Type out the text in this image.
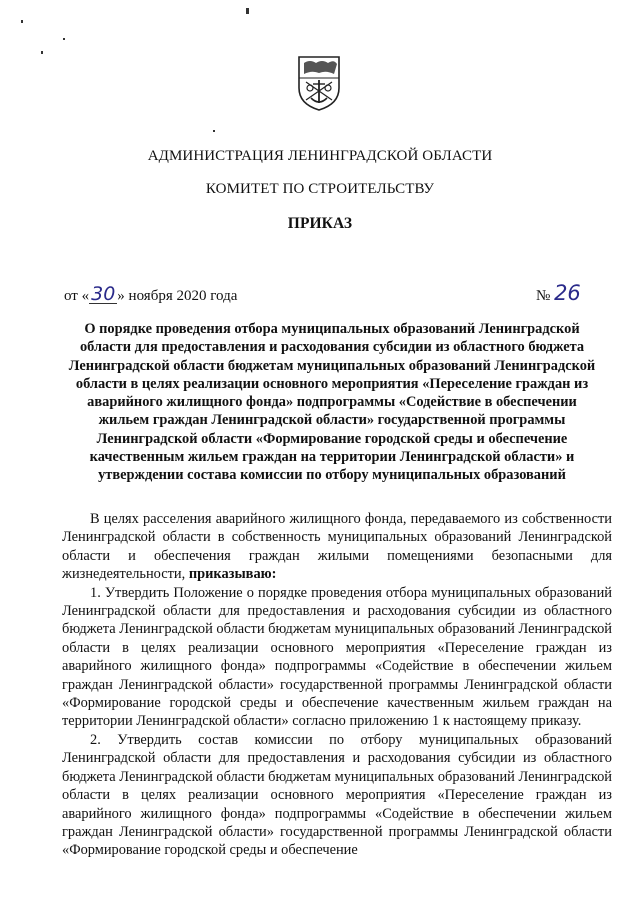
АДМИНИСТРАЦИЯ ЛЕНИНГРАДСКОЙ ОБЛАСТИ
КОМИТЕТ ПО СТРОИТЕЛЬСТВУ
ПРИКАЗ
от « 30 » ноября 2020 года	№ 26
О порядке проведения отбора муниципальных образований Ленинградской области для предоставления и расходования субсидии из областного бюджета Ленинградской области бюджетам муниципальных образований Ленинградской области в целях реализации основного мероприятия «Переселение граждан из аварийного жилищного фонда» подпрограммы «Содействие в обеспечении жильем граждан Ленинградской области» государственной программы Ленинградской области «Формирование городской среды и обеспечение качественным жильем граждан на территории Ленинградской области» и утверждении состава комиссии по отбору муниципальных образований

В целях расселения аварийного жилищного фонда, передаваемого из собственности Ленинградской области в собственность муниципальных образований Ленинградской области и обеспечения граждан жилыми помещениями безопасными для жизнедеятельности, приказываю:

1. Утвердить Положение о порядке проведения отбора муниципальных образований Ленинградской области для предоставления и расходования субсидии из областного бюджета Ленинградской области бюджетам муниципальных образований Ленинградской области в целях реализации основного мероприятия «Переселение граждан из аварийного жилищного фонда» подпрограммы «Содействие в обеспечении жильем граждан Ленинградской области» государственной программы Ленинградской области «Формирование городской среды и обеспечение качественным жильем граждан на территории Ленинградской области» согласно приложению 1 к настоящему приказу.

2. Утвердить состав комиссии по отбору муниципальных образований Ленинградской области для предоставления и расходования субсидии из областного бюджета Ленинградской области бюджетам муниципальных образований Ленинградской области в целях реализации основного мероприятия «Переселение граждан из аварийного жилищного фонда» подпрограммы «Содействие в обеспечении жильем граждан Ленинградской области» государственной программы Ленинградской области «Формирование городской среды и обеспечение
